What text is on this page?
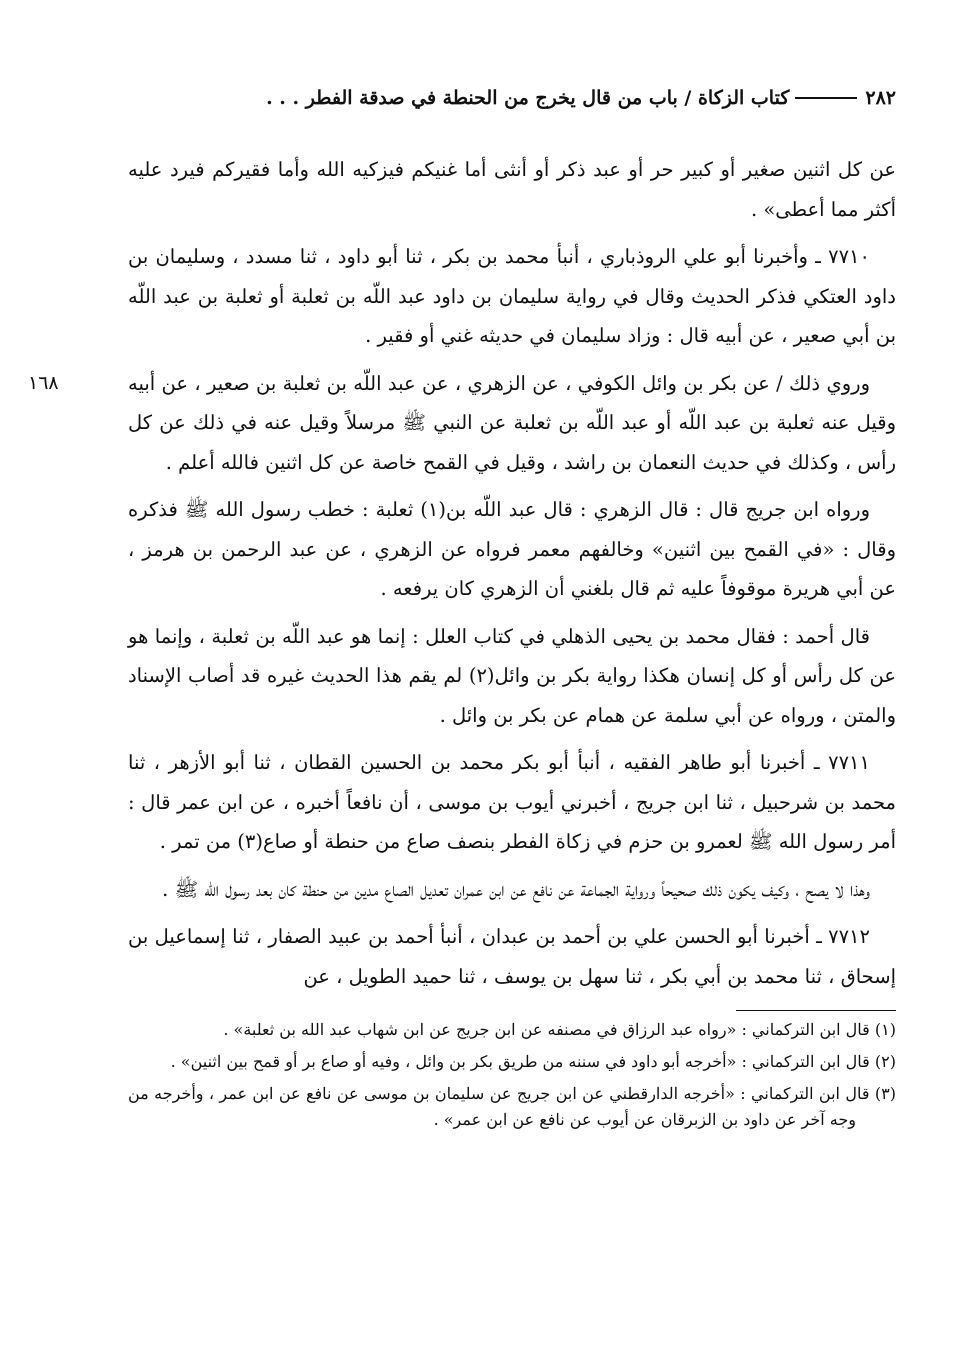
٢٨٢
كتاب الزكاة / باب من قال يخرج من الحنطة في صدقة الفطر . . .

عن كل اثنين صغير أو كبير حر أو عبد ذكر أو أنثى أما غنيكم فيزكيه الله وأما فقيركم فيرد عليه أكثر مما أعطى» .

٧٧١٠ ـ وأخبرنا أبو علي الروذباري ، أنبأ محمد بن بكر ، ثنا أبو داود ، ثنا مسدد ، وسليمان بن داود العتكي فذكر الحديث وقال في رواية سليمان بن داود عبد اللّه بن ثعلبة أو ثعلبة بن عبد اللّه بن أبي صعير ، عن أبيه قال : وزاد سليمان في حديثه غني أو فقير .

١٦٨	وروي ذلك / عن بكر بن وائل الكوفي ، عن الزهري ، عن عبد اللّه بن ثعلبة بن صعير ، عن أبيه وقيل عنه ثعلبة بن عبد اللّه أو عبد اللّه بن ثعلبة عن النبي ﷺ مرسلاً وقيل عنه في ذلك عن كل رأس ، وكذلك في حديث النعمان بن راشد ، وقيل في القمح خاصة عن كل اثنين فالله أعلم .

ورواه ابن جريج قال : قال الزهري : قال عبد اللّه بن(١) ثعلبة : خطب رسول الله ﷺ فذكره وقال : «في القمح بين اثنين» وخالفهم معمر فرواه عن الزهري ، عن عبد الرحمن بن هرمز ، عن أبي هريرة موقوفاً عليه ثم قال بلغني أن الزهري كان يرفعه .

قال أحمد : فقال محمد بن يحيى الذهلي في كتاب العلل : إنما هو عبد اللّه بن ثعلبة ، وإنما هو عن كل رأس أو كل إنسان هكذا رواية بكر بن وائل(٢) لم يقم هذا الحديث غيره قد أصاب الإسناد والمتن ، ورواه عن أبي سلمة عن همام عن بكر بن وائل .

٧٧١١ ـ أخبرنا أبو طاهر الفقيه ، أنبأ أبو بكر محمد بن الحسين القطان ، ثنا أبو الأزهر ، ثنا محمد بن شرحبيل ، ثنا ابن جريج ، أخبرني أيوب بن موسى ، أن نافعاً أخبره ، عن ابن عمر قال : أمر رسول الله ﷺ لعمرو بن حزم في زكاة الفطر بنصف صاع من حنطة أو صاع(٣) من تمر .

وهذا لا يصح ، وكيف يكون ذلك صحيحاً ورواية الجماعة عن نافع عن ابن عمران تعديل الصاع مدين من حنطة كان بعد رسول الله ﷺ .

٧٧١٢ ـ أخبرنا أبو الحسن علي بن أحمد بن عبدان ، أنبأ أحمد بن عبيد الصفار ، ثنا إسماعيل بن إسحاق ، ثنا محمد بن أبي بكر ، ثنا سهل بن يوسف ، ثنا حميد الطويل ، عن

(١) قال ابن التركماني : «رواه عبد الرزاق في مصنفه عن ابن جريج عن ابن شهاب عبد الله بن ثعلبة» .

(٢) قال ابن التركماني : «أخرجه أبو داود في سننه من طريق بكر بن وائل ، وفيه أو صاع بر أو قمح بين اثنين» .

(٣) قال ابن التركماني : «أخرجه الدارقطني عن ابن جريج عن سليمان بن موسى عن نافع عن ابن عمر ، وأخرجه من وجه آخر عن داود بن الزبرقان عن أيوب عن نافع عن ابن عمر» .
